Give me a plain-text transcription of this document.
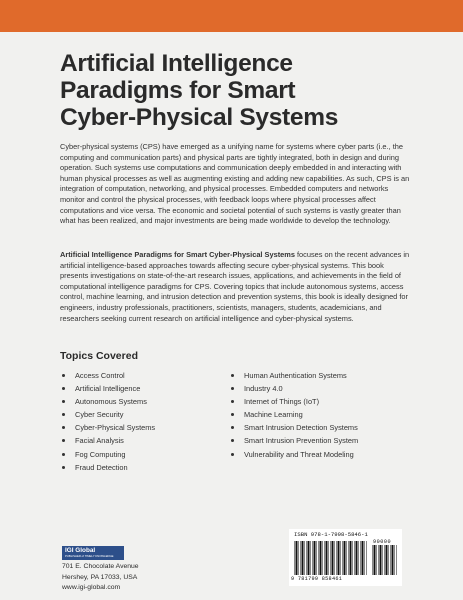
Artificial Intelligence
Paradigms for Smart
Cyber-Physical Systems
Cyber-physical systems (CPS) have emerged as a unifying name for systems where cyber parts (i.e., the computing and communication parts) and physical parts are tightly integrated, both in design and during operation. Such systems use computations and communication deeply embedded in and interacting with human physical processes as well as augmenting existing and adding new capabilities. As such, CPS is an integration of computation, networking, and physical processes. Embedded computers and networks monitor and control the physical processes, with feedback loops where physical processes affect computations and vice versa. The economic and societal potential of such systems is vastly greater than what has been realized, and major investments are being made worldwide to develop the technology.
Artificial Intelligence Paradigms for Smart Cyber-Physical Systems focuses on the recent advances in artificial intelligence-based approaches towards affecting secure cyber-physical systems. This book presents investigations on state-of-the-art research issues, applications, and achievements in the field of computational intelligence paradigms for CPS. Covering topics that include autonomous systems, access control, machine learning, and intrusion detection and prevention systems, this book is ideally designed for engineers, industry professionals, practitioners, scientists, managers, students, academicians, and researchers seeking current research on artificial intelligence and cyber-physical systems.
Topics Covered
Access Control
Artificial Intelligence
Autonomous Systems
Cyber Security
Cyber-Physical Systems
Facial Analysis
Fog Computing
Fraud Detection
Human Authentication Systems
Industry 4.0
Internet of Things (IoT)
Machine Learning
Smart Intrusion Detection Systems
Smart Intrusion Prevention System
Vulnerability and Threat Modeling
IGI Global
PUBLISHER of TIMELY KNOWLEDGE
701 E. Chocolate Avenue
Hershey, PA 17033, USA
www.igi-global.com
ISBN 978-1-7998-5846-1
90000
9 781799 858461
